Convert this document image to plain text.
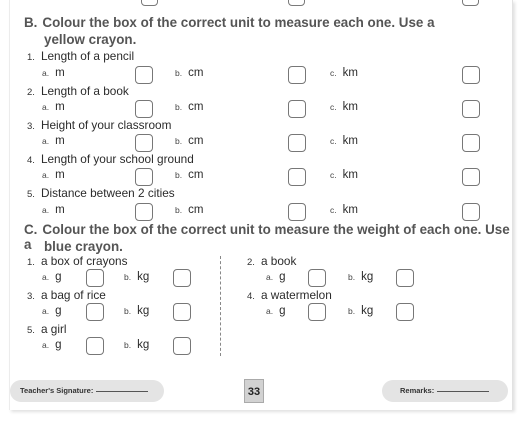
B. Colour the box of the correct unit to measure each one. Use a
yellow crayon.
1. Length of a pencil
a. m	b. cm	c. km
2. Length of a book
a. m	b. cm	c. km
3. Height of your classroom
a. m	b. cm	c. km
4. Length of your school ground
a. m	b. cm	c. km
5. Distance between 2 cities
a. m	b. cm	c. km
C. Colour the box of the correct unit to measure the weight of each one. Use a blue crayon.
1. a box of crayons
a. g	b. kg
2. a book
a. g	b. kg
3. a bag of rice
a. g	b. kg
4. a watermelon
a. g	b. kg
5. a girl
a. g	b. kg
Teacher's Signature:	33	Remarks:
